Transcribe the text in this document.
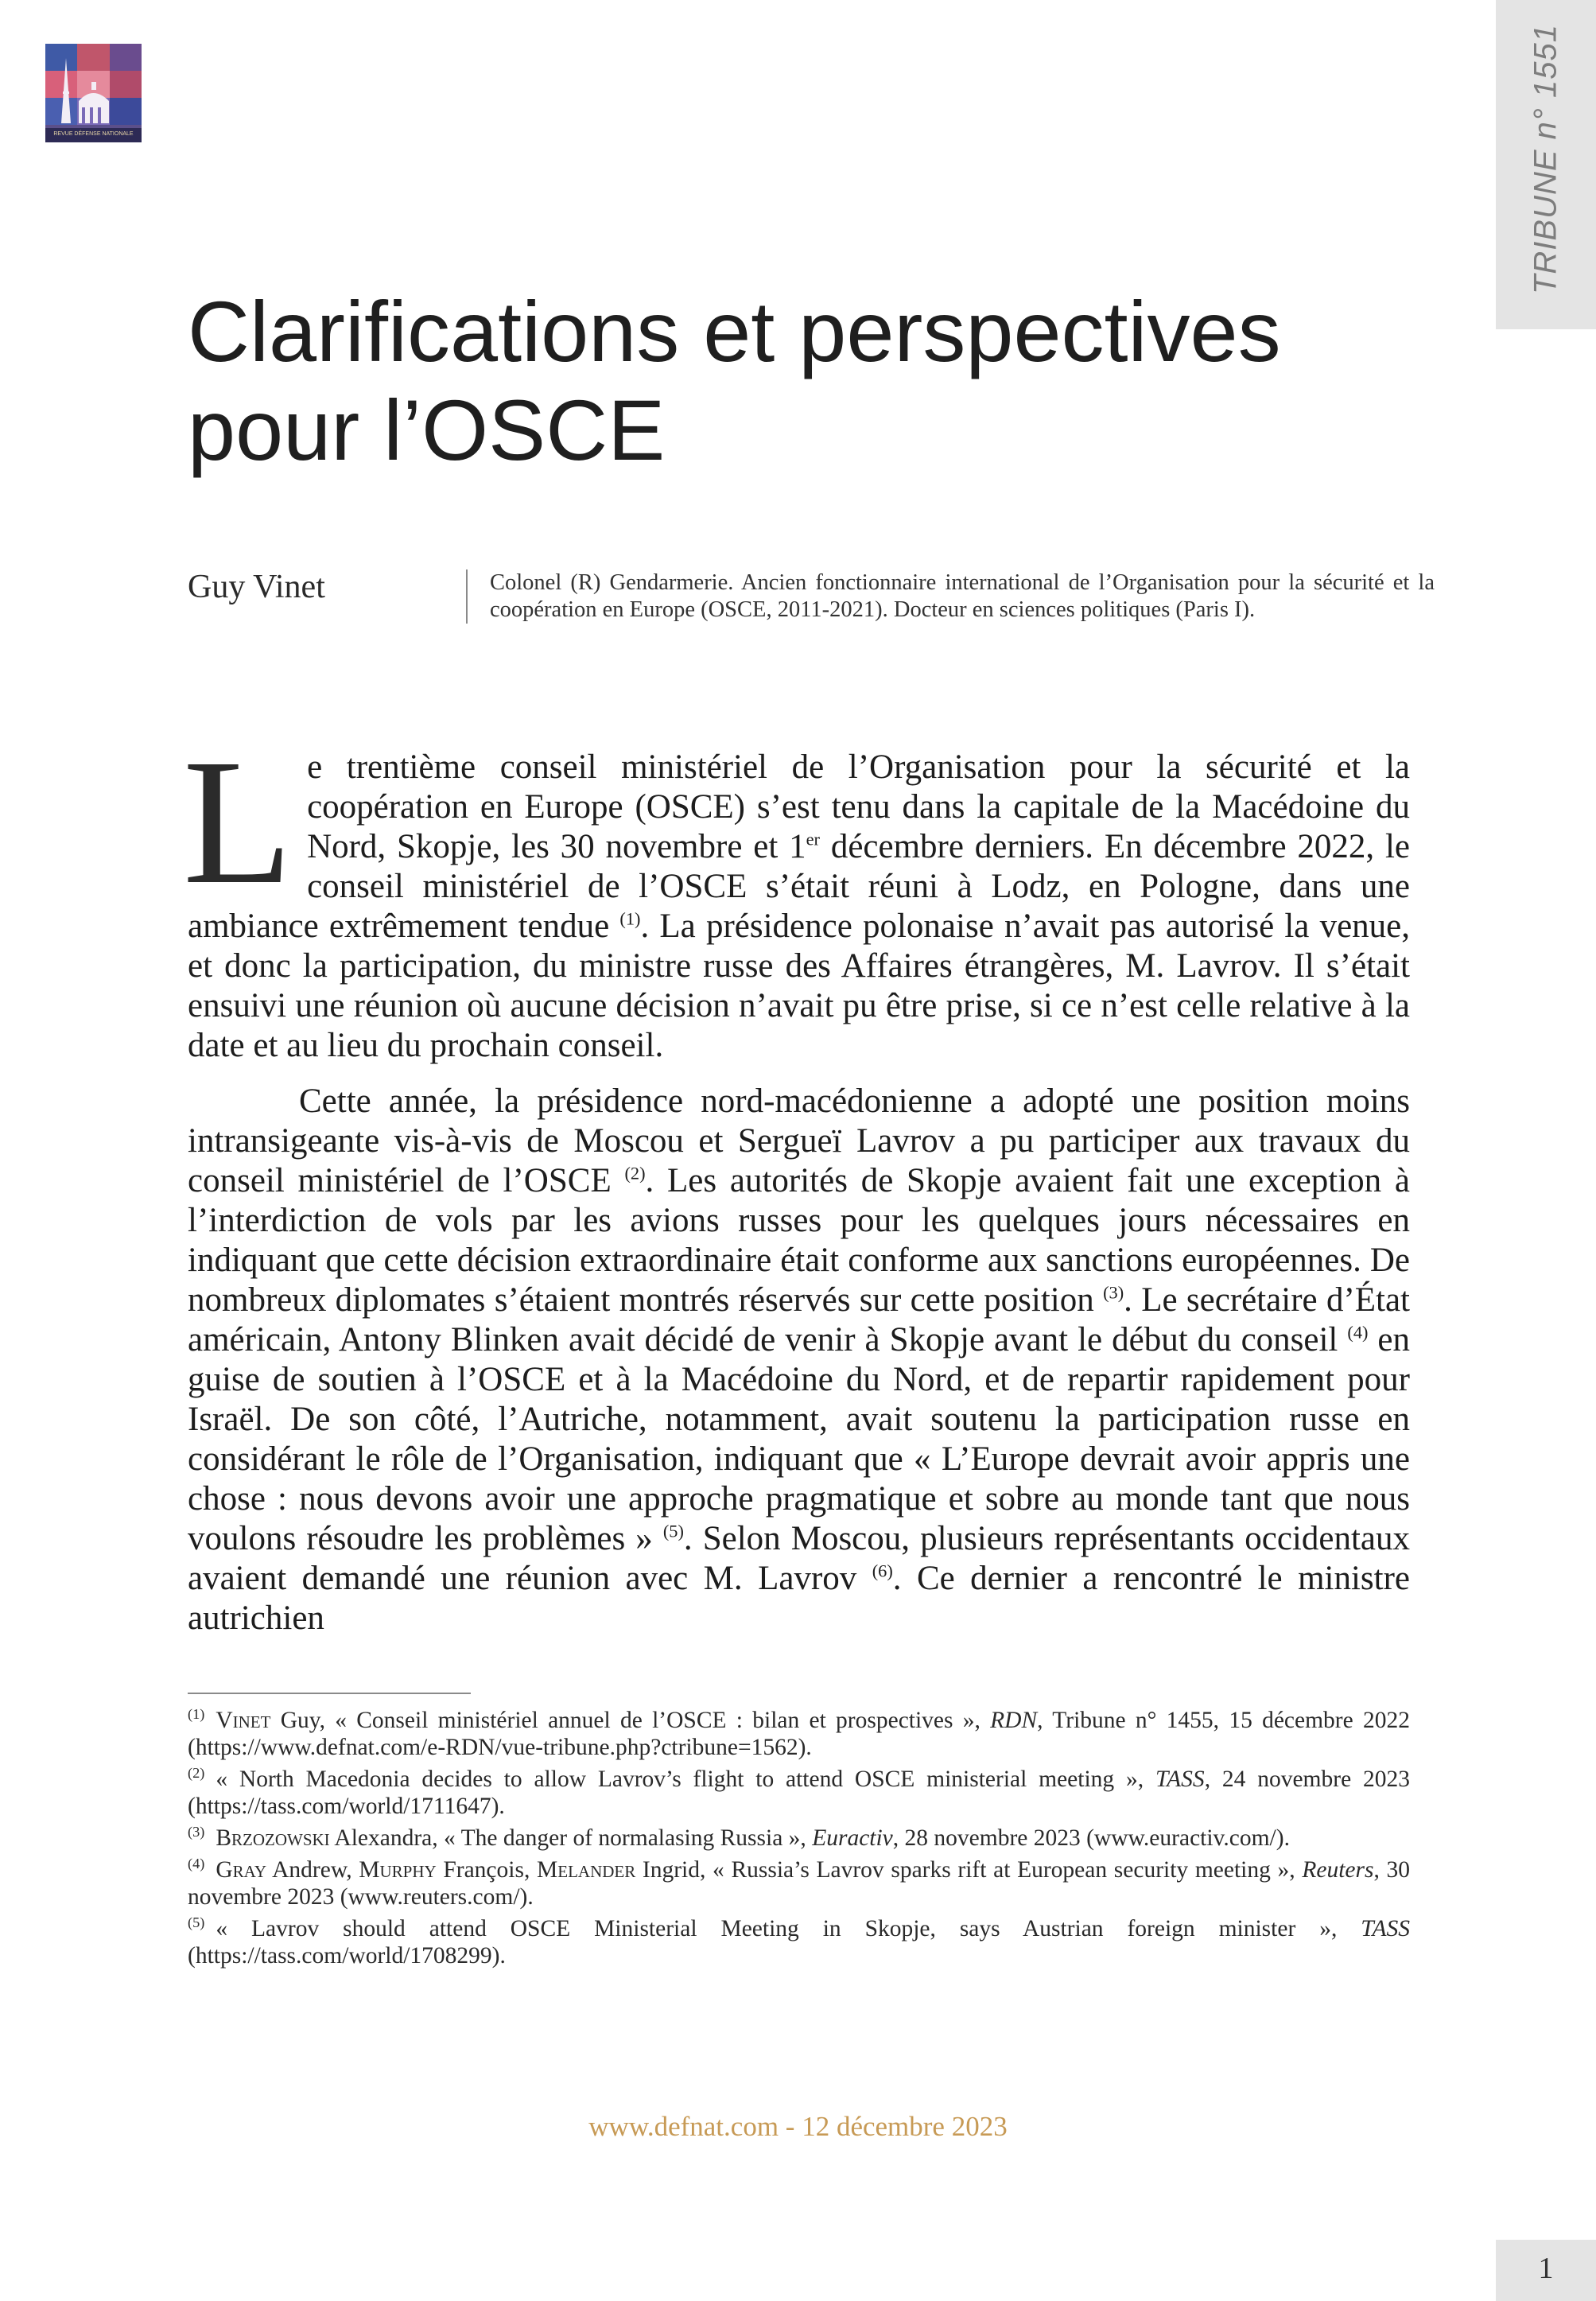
REVUE DÉFENSE NATIONALE	TRIBUNE n° 1551
Clarifications et perspectives
pour l’OSCE
Guy Vinet	Colonel (R) Gendarmerie. Ancien fonctionnaire international de l’Organisation pour la sécurité et la coopération en Europe (OSCE, 2011-2021). Docteur en sciences politiques (Paris I).

Le trentième conseil ministériel de l’Organisation pour la sécurité et la coopération en Europe (OSCE) s’est tenu dans la capitale de la Macédoine du Nord, Skopje, les 30 novembre et 1er décembre derniers. En décembre 2022, le conseil ministériel de l’OSCE s’était réuni à Lodz, en Pologne, dans une ambiance extrêmement tendue $^{(1)}$. La présidence polonaise n’avait pas autorisé la venue, et donc la participation, du ministre russe des Affaires étrangères, M. Lavrov. Il s’était ensuivi une réunion où aucune décision n’avait pu être prise, si ce n’est celle relative à la date et au lieu du prochain conseil.

Cette année, la présidence nord-macédonienne a adopté une position moins intransigeante vis-à-vis de Moscou et Sergueï Lavrov a pu participer aux travaux du conseil ministériel de l’OSCE $^{(2)}$. Les autorités de Skopje avaient fait une exception à l’interdiction de vols par les avions russes pour les quelques jours nécessaires en indiquant que cette décision extraordinaire était conforme aux sanctions européennes. De nombreux diplomates s’étaient montrés réservés sur cette position $^{(3)}$. Le secrétaire d’État américain, Antony Blinken avait décidé de venir à Skopje avant le début du conseil $^{(4)}$ en guise de soutien à l’OSCE et à la Macédoine du Nord, et de repartir rapidement pour Israël. De son côté, l’Autriche, notamment, avait soutenu la participation russe en considérant le rôle de l’Organisation, indiquant que « L’Europe devrait avoir appris une chose : nous devons avoir une approche pragmatique et sobre au monde tant que nous voulons résoudre les problèmes » $^{(5)}$. Selon Moscou, plusieurs représentants occidentaux avaient demandé une réunion avec M. Lavrov $^{(6)}$. Ce dernier a rencontré le ministre autrichien

$^{(1)}$ Vinet Guy, « Conseil ministériel annuel de l’OSCE : bilan et prospectives », RDN, Tribune n° 1455, 15 décembre 2022 (https://www.defnat.com/e-RDN/vue-tribune.php?ctribune=1562).

$^{(2)}$ « North Macedonia decides to allow Lavrov’s flight to attend OSCE ministerial meeting », TASS, 24 novembre 2023 (https://tass.com/world/1711647).

$^{(3)}$ Brzozowski Alexandra, « The danger of normalasing Russia », Euractiv, 28 novembre 2023 (www.euractiv.com/).

$^{(4)}$ Gray Andrew, Murphy François, Melander Ingrid, « Russia’s Lavrov sparks rift at European security meeting », Reuters, 30 novembre 2023 (www.reuters.com/).

$^{(5)}$ « Lavrov should attend OSCE Ministerial Meeting in Skopje, says Austrian foreign minister », TASS (https://tass.com/world/1708299).

www.defnat.com - 12 décembre 2023
1
